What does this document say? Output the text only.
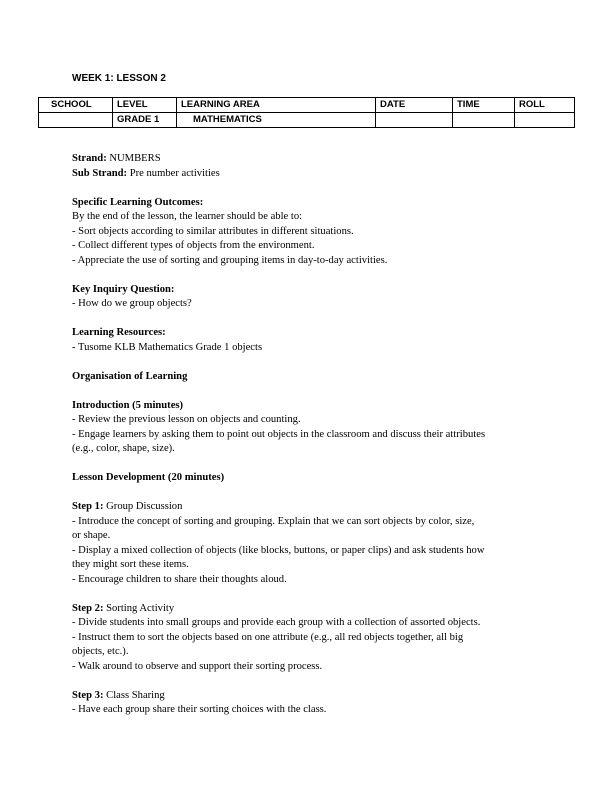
WEEK 1: LESSON 2
SCHOOL	LEVEL	LEARNING AREA	DATE	TIME	ROLL
	GRADE 1	MATHEMATICS			

Strand: NUMBERS

Sub Strand: Pre number activities

Specific Learning Outcomes:

By the end of the lesson, the learner should be able to:

- Sort objects according to similar attributes in different situations.

- Collect different types of objects from the environment.

- Appreciate the use of sorting and grouping items in day-to-day activities.

Key Inquiry Question:

- How do we group objects?

Learning Resources:

- Tusome KLB Mathematics Grade 1 objects

Organisation of Learning

Introduction (5 minutes)

- Review the previous lesson on objects and counting.

- Engage learners by asking them to point out objects in the classroom and discuss their attributes

(e.g., color, shape, size).

Lesson Development (20 minutes)

Step 1: Group Discussion

- Introduce the concept of sorting and grouping. Explain that we can sort objects by color, size,

or shape.

- Display a mixed collection of objects (like blocks, buttons, or paper clips) and ask students how

they might sort these items.

- Encourage children to share their thoughts aloud.

Step 2: Sorting Activity

- Divide students into small groups and provide each group with a collection of assorted objects.

- Instruct them to sort the objects based on one attribute (e.g., all red objects together, all big

objects, etc.).

- Walk around to observe and support their sorting process.

Step 3: Class Sharing

- Have each group share their sorting choices with the class.
